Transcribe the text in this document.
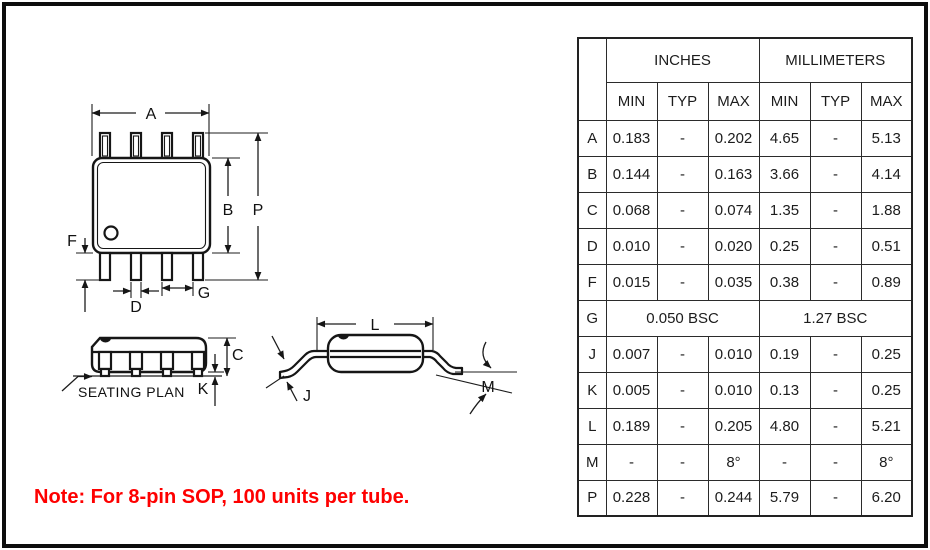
A
B P
F
D
G
SEATING PLAN
C
K
L
J
M
Note: For 8-pin SOP, 100 units per tube.
	INCHES			MILLIMETERS		
	MIN	TYP	MAX	MIN	TYP	MAX
A	0.183	-	0.202	4.65	-	5.13
B	0.144	-	0.163	3.66	-	4.14
C	0.068	-	0.074	1.35	-	1.88
D	0.010	-	0.020	0.25	-	0.51
F	0.015	-	0.035	0.38	-	0.89
G	0.050 BSC			1.27 BSC		
J	0.007	-	0.010	0.19	-	0.25
K	0.005	-	0.010	0.13	-	0.25
L	0.189	-	0.205	4.80	-	5.21
M	-	-	8°	-	-	8°
P	0.228	-	0.244	5.79	-	6.20
